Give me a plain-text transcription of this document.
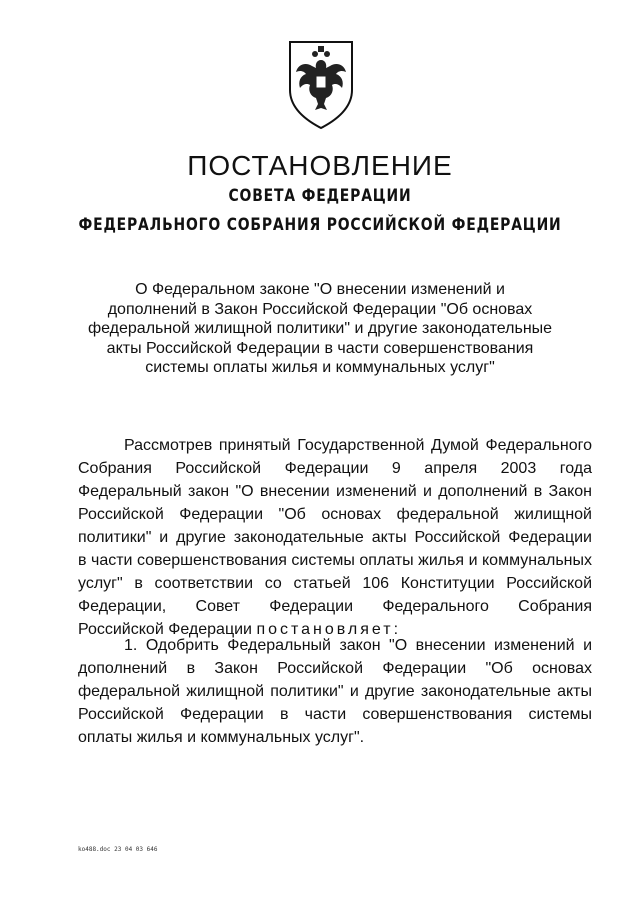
ПОСТАНОВЛЕНИЕ
СОВЕТА ФЕДЕРАЦИИ
ФЕДЕРАЛЬНОГО СОБРАНИЯ РОССИЙСКОЙ ФЕДЕРАЦИИ
О Федеральном законе "О внесении изменений и
дополнений в Закон Российской Федерации "Об основах
федеральной жилищной политики" и другие законодательные
акты Российской Федерации в части совершенствования
системы оплаты жилья и коммунальных услуг"
Рассмотрев принятый Государственной Думой Федерального
Собрания Российской Федерации 9 апреля 2003 года
Федеральный закон "О внесении изменений и дополнений в Закон
Российской Федерации "Об основах федеральной жилищной
политики" и другие законодательные акты Российской Федерации
в части совершенствования системы оплаты жилья и коммунальных
услуг" в соответствии со статьей 106 Конституции Российской
Федерации, Совет Федерации Федерального Собрания
Российской Федерации постановляет:
1. Одобрить Федеральный закон "О внесении изменений и
дополнений в Закон Российской Федерации "Об основах
федеральной жилищной политики" и другие законодательные акты
Российской Федерации в части совершенствования системы
оплаты жилья и коммунальных услуг".
ko488.doc 23 04 03 646
